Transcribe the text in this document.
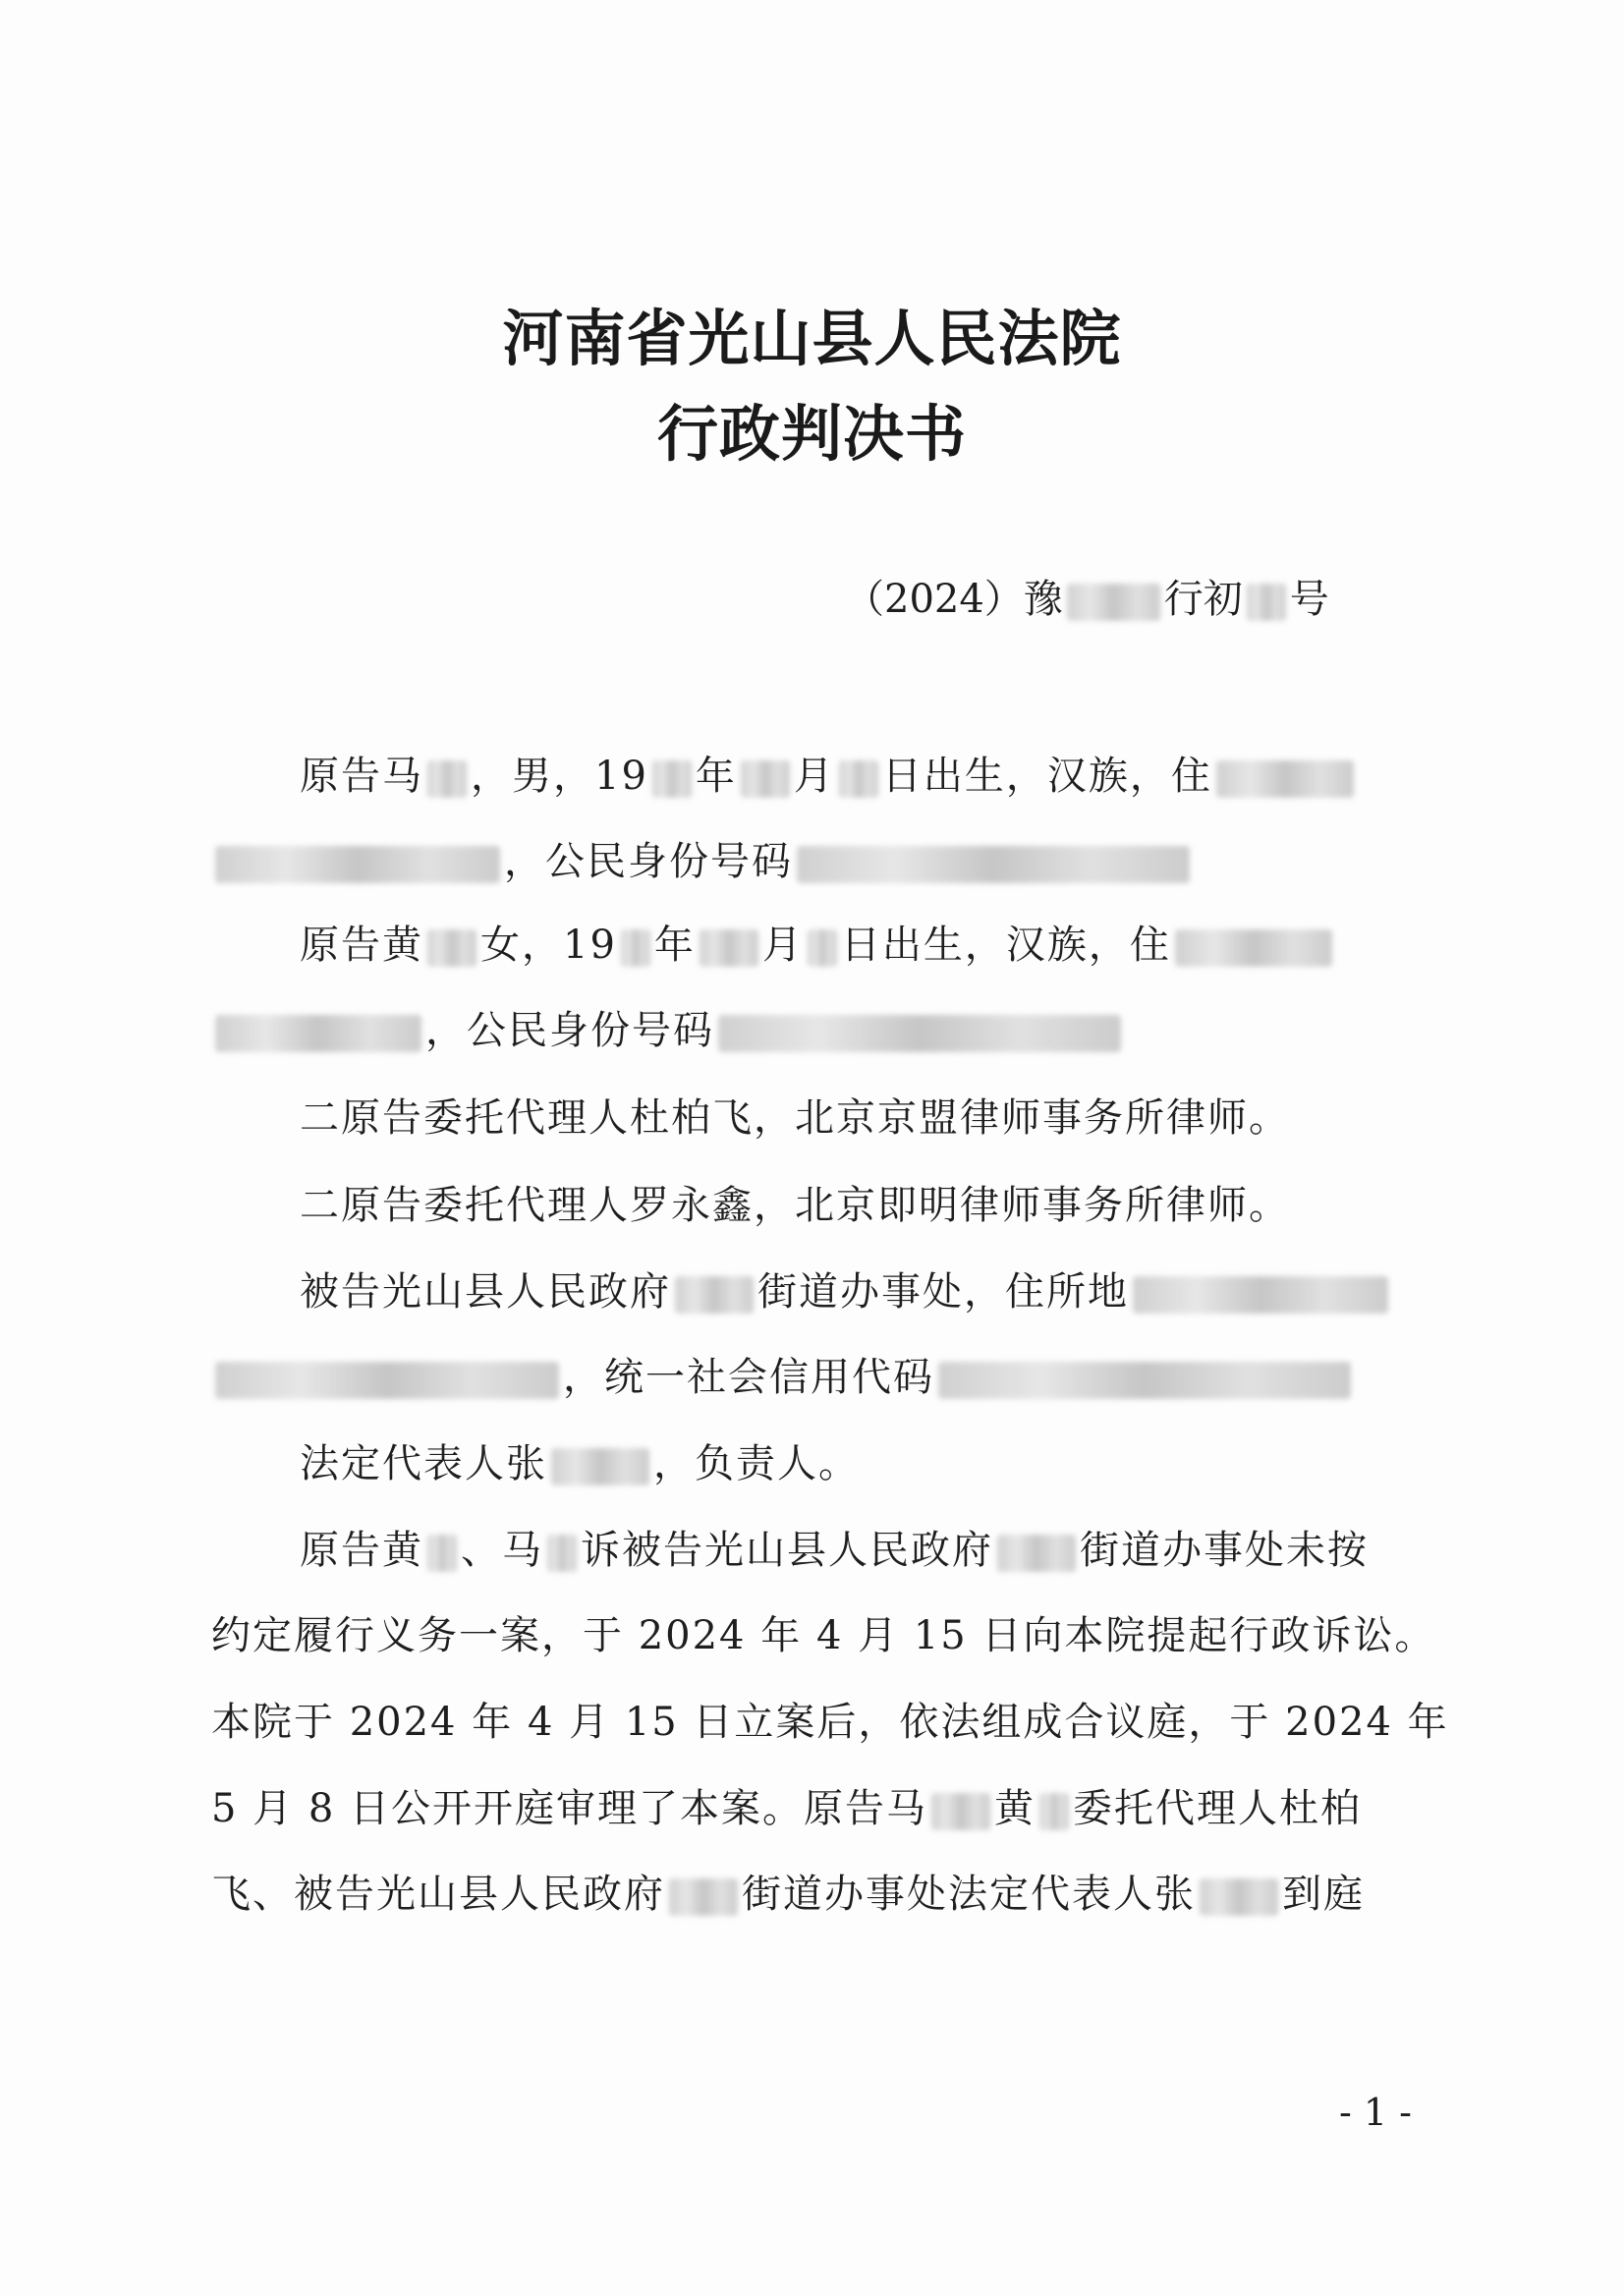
河南省光山县人民法院
行政判决书
（2024）豫	行初 号
原告马 ，男，19 年 月 日出生，汉族，住
，公民身份号码
原告黄 女，19 年 月 日出生，汉族，住
，公民身份号码
二原告委托代理人杜柏飞，北京京盟律师事务所律师。
二原告委托代理人罗永鑫，北京即明律师事务所律师。
被告光山县人民政府 街道办事处，住所地
，统一社会信用代码
法定代表人张	，负责人。
原告黄 、马 诉被告光山县人民政府 街道办事处未按
约定履行义务一案，于 2024 年 4 月 15 日向本院提起行政诉讼。
本院于 2024 年 4 月 15 日立案后，依法组成合议庭，于 2024 年
5 月 8 日公开开庭审理了本案。原告马 黄 委托代理人杜柏
飞、被告光山县人民政府 街道办事处法定代表人张 到庭
- 1 -
